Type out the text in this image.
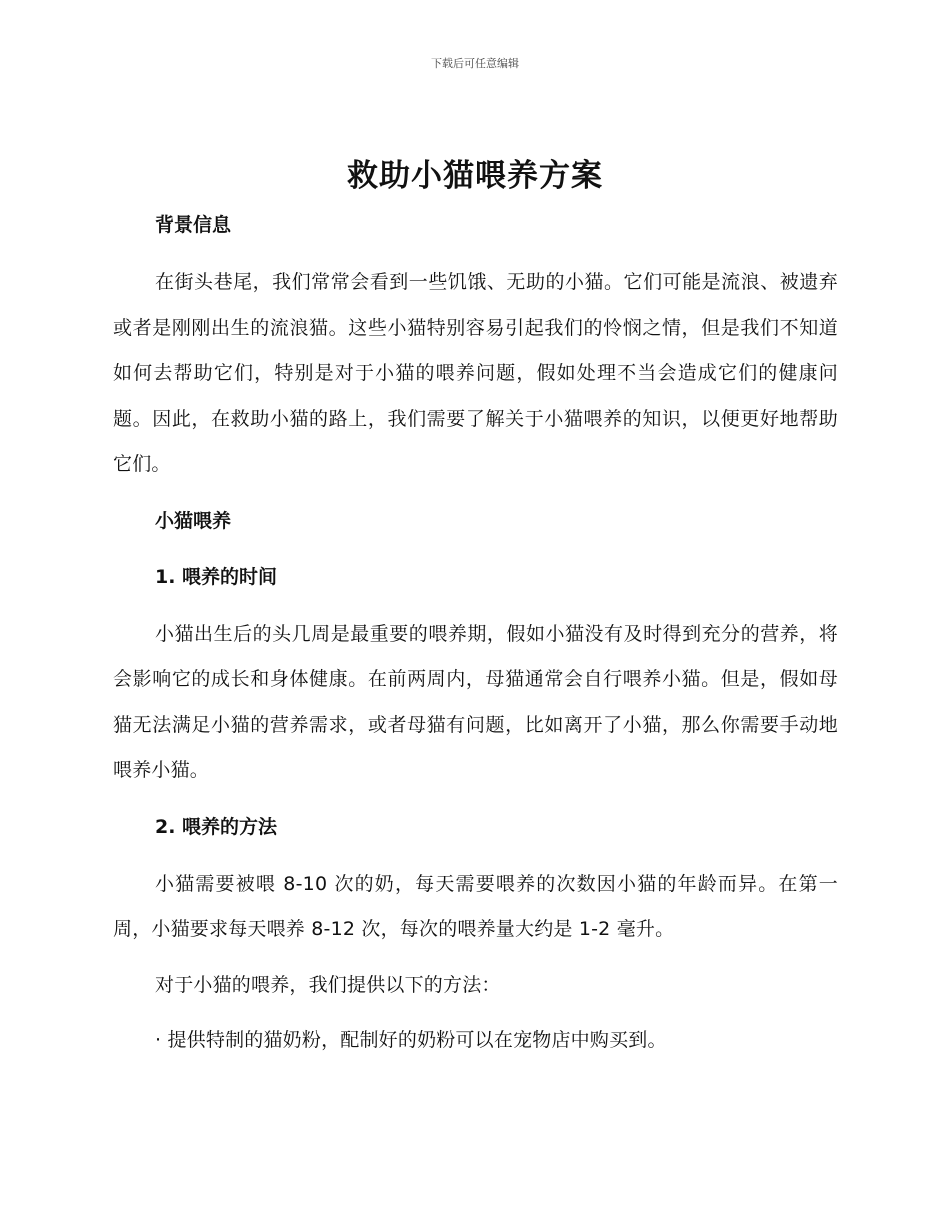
下载后可任意编辑
救助小猫喂养方案

背景信息

在街头巷尾，我们常常会看到一些饥饿、无助的小猫。它们可能是流浪、被遗弃或者是刚刚出生的流浪猫。这些小猫特别容易引起我们的怜悯之情，但是我们不知道如何去帮助它们，特别是对于小猫的喂养问题，假如处理不当会造成它们的健康问题。因此，在救助小猫的路上，我们需要了解关于小猫喂养的知识，以便更好地帮助它们。

小猫喂养

1. 喂养的时间

小猫出生后的头几周是最重要的喂养期，假如小猫没有及时得到充分的营养，将会影响它的成长和身体健康。在前两周内，母猫通常会自行喂养小猫。但是，假如母猫无法满足小猫的营养需求，或者母猫有问题，比如离开了小猫，那么你需要手动地喂养小猫。

2. 喂养的方法

小猫需要被喂 8-10 次的奶，每天需要喂养的次数因小猫的年龄而异。在第一周，小猫要求每天喂养 8-12 次，每次的喂养量大约是 1-2 毫升。

对于小猫的喂养，我们提供以下的方法：

· 提供特制的猫奶粉，配制好的奶粉可以在宠物店中购买到。
